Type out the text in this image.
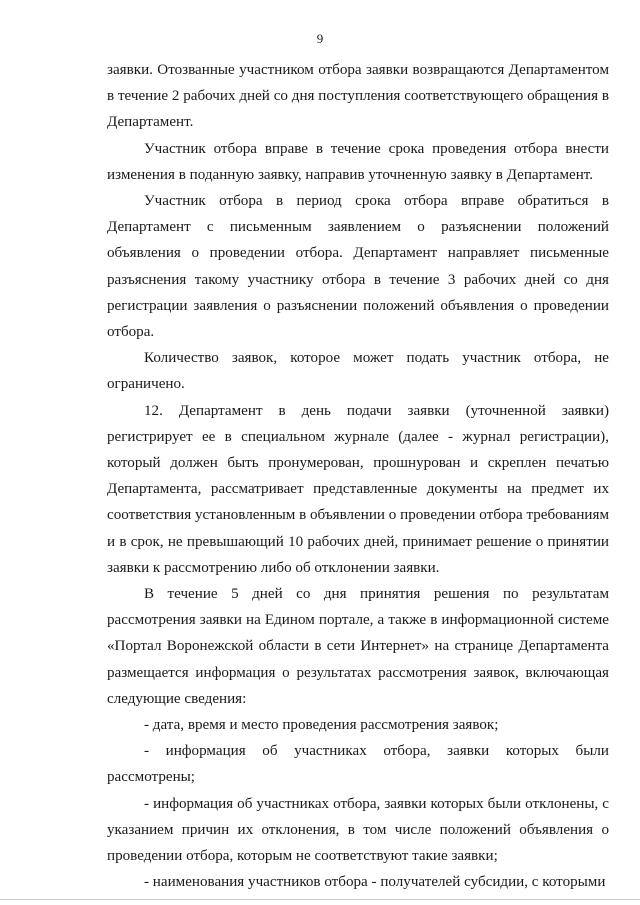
9

заявки. Отозванные участником отбора заявки возвращаются Департаментом в течение 2 рабочих дней со дня поступления соответствующего обращения в Департамент.

Участник отбора вправе в течение срока проведения отбора внести изменения в поданную заявку, направив уточненную заявку в Департамент.

Участник отбора в период срока отбора вправе обратиться в Департамент с письменным заявлением о разъяснении положений объявления о проведении отбора. Департамент направляет письменные разъяснения такому участнику отбора в течение 3 рабочих дней со дня регистрации заявления о разъяснении положений объявления о проведении отбора.

Количество заявок, которое может подать участник отбора, не ограничено.

12. Департамент в день подачи заявки (уточненной заявки) регистрирует ее в специальном журнале (далее - журнал регистрации), который должен быть пронумерован, прошнурован и скреплен печатью Департамента, рассматривает представленные документы на предмет их соответствия установленным в объявлении о проведении отбора требованиям и в срок, не превышающий 10 рабочих дней, принимает решение о принятии заявки к рассмотрению либо об отклонении заявки.

В течение 5 дней со дня принятия решения по результатам рассмотрения заявки на Едином портале, а также в информационной системе «Портал Воронежской области в сети Интернет» на странице Департамента размещается информация о результатах рассмотрения заявок, включающая следующие сведения:

- дата, время и место проведения рассмотрения заявок;

- информация об участниках отбора, заявки которых были рассмотрены;

- информация об участниках отбора, заявки которых были отклонены, с указанием причин их отклонения, в том числе положений объявления о проведении отбора, которым не соответствуют такие заявки;

- наименования участников отбора - получателей субсидии, с которыми
